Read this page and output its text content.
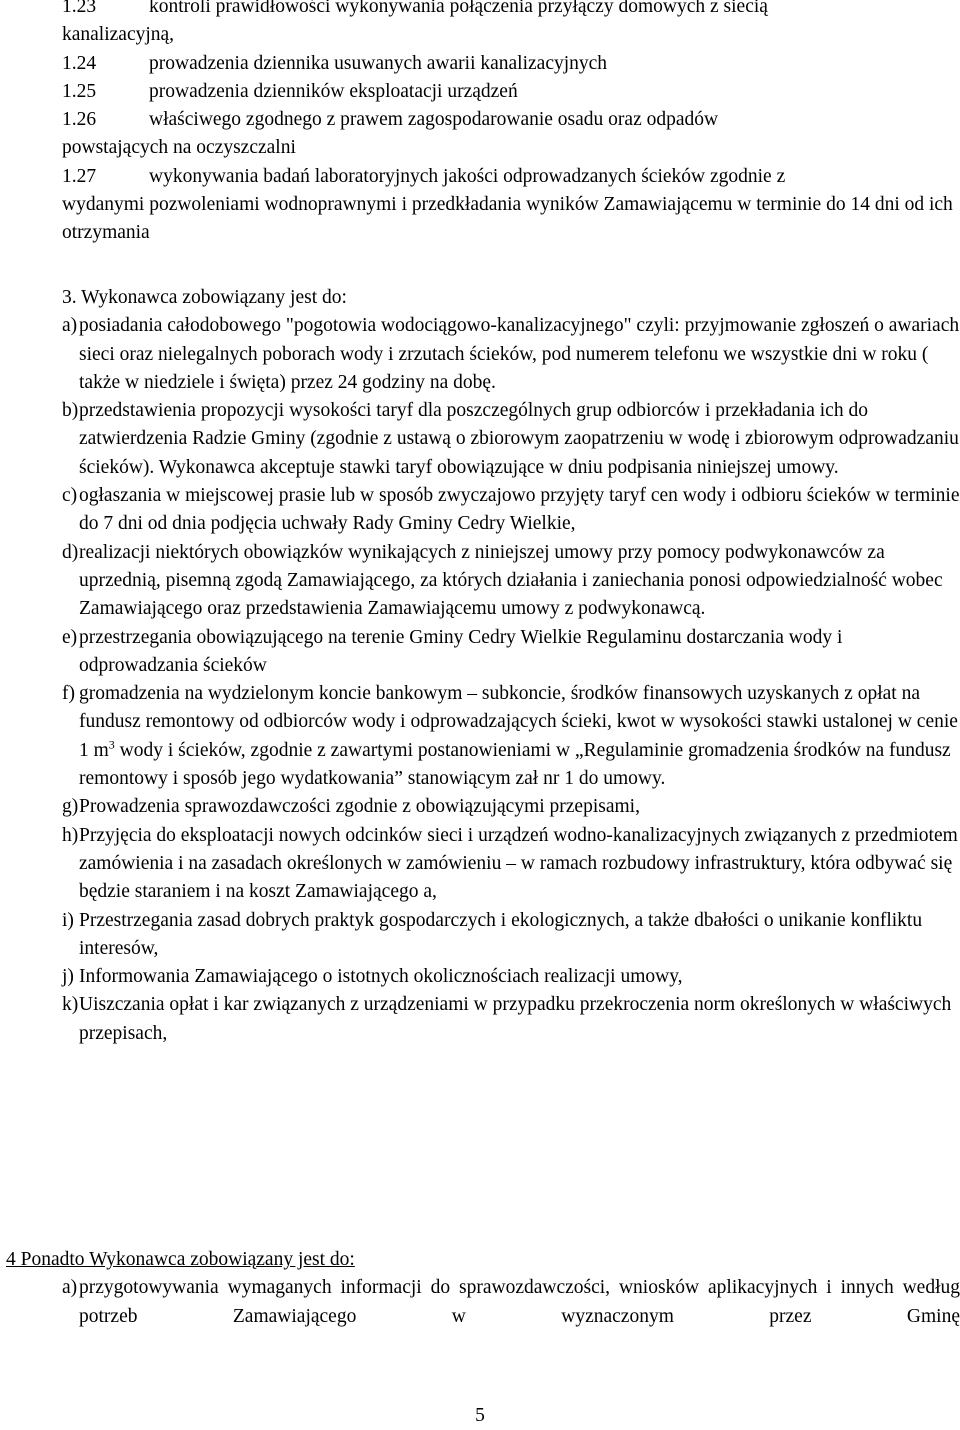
1.23	kontroli prawidłowości wykonywania połączenia przyłączy domowych z siecią
kanalizacyjną,

1.24	prowadzenia dziennika usuwanych awarii kanalizacyjnych

1.25	prowadzenia dzienników eksploatacji urządzeń

1.26	właściwego zgodnego z prawem zagospodarowanie osadu oraz odpadów
powstających na oczyszczalni

1.27	wykonywania badań laboratoryjnych jakości odprowadzanych ścieków zgodnie z
wydanymi pozwoleniami wodnoprawnymi i przedkładania wyników Zamawiającemu w terminie do 14 dni od ich otrzymania

3. Wykonawca zobowiązany jest do:

a) posiadania całodobowego "pogotowia wodociągowo-kanalizacyjnego" czyli: przyjmowanie zgłoszeń o awariach sieci oraz nielegalnych poborach wody i zrzutach ścieków, pod numerem telefonu we wszystkie dni w roku ( także w niedziele i święta) przez 24 godziny na dobę.
b) przedstawienia propozycji wysokości taryf dla poszczególnych grup odbiorców i przekładania ich do zatwierdzenia Radzie Gminy (zgodnie z ustawą o zbiorowym zaopatrzeniu w wodę i zbiorowym odprowadzaniu ścieków). Wykonawca akceptuje stawki taryf obowiązujące w dniu podpisania niniejszej umowy.
c) ogłaszania w miejscowej prasie lub w sposób zwyczajowo przyjęty taryf cen wody i odbioru ścieków w terminie do 7 dni od dnia podjęcia uchwały Rady Gminy Cedry Wielkie,
d) realizacji niektórych obowiązków wynikających z niniejszej umowy przy pomocy podwykonawców za uprzednią, pisemną zgodą Zamawiającego, za których działania i zaniechania ponosi odpowiedzialność wobec Zamawiającego oraz przedstawienia Zamawiającemu umowy z podwykonawcą.
e) przestrzegania obowiązującego na terenie Gminy Cedry Wielkie Regulaminu dostarczania wody i odprowadzania ścieków
f) gromadzenia na wydzielonym koncie bankowym – subkoncie, środków finansowych uzyskanych z opłat na fundusz remontowy od odbiorców wody i odprowadzających ścieki, kwot w wysokości stawki ustalonej w cenie 1 $m^3$ wody i ścieków, zgodnie z zawartymi postanowieniami w „Regulaminie gromadzenia środków na fundusz remontowy i sposób jego wydatkowania” stanowiącym zał nr 1 do umowy.
g) Prowadzenia sprawozdawczości zgodnie z obowiązującymi przepisami,
h) Przyjęcia do eksploatacji nowych odcinków sieci i urządzeń wodno-kanalizacyjnych związanych z przedmiotem zamówienia i na zasadach określonych w zamówieniu – w ramach rozbudowy infrastruktury, która odbywać się będzie staraniem i na koszt Zamawiającego a,
i) Przestrzegania zasad dobrych praktyk gospodarczych i ekologicznych, a także dbałości o unikanie konfliktu interesów,
j) Informowania Zamawiającego o istotnych okolicznościach realizacji umowy,
k) Uiszczania opłat i kar związanych z urządzeniami w przypadku przekroczenia norm określonych w właściwych przepisach,

4 Ponadto Wykonawca zobowiązany jest do:

a) przygotowywania wymaganych informacji do sprawozdawczości, wniosków aplikacyjnych i innych według potrzeb Zamawiającego w wyznaczonym przez Gminę
5
